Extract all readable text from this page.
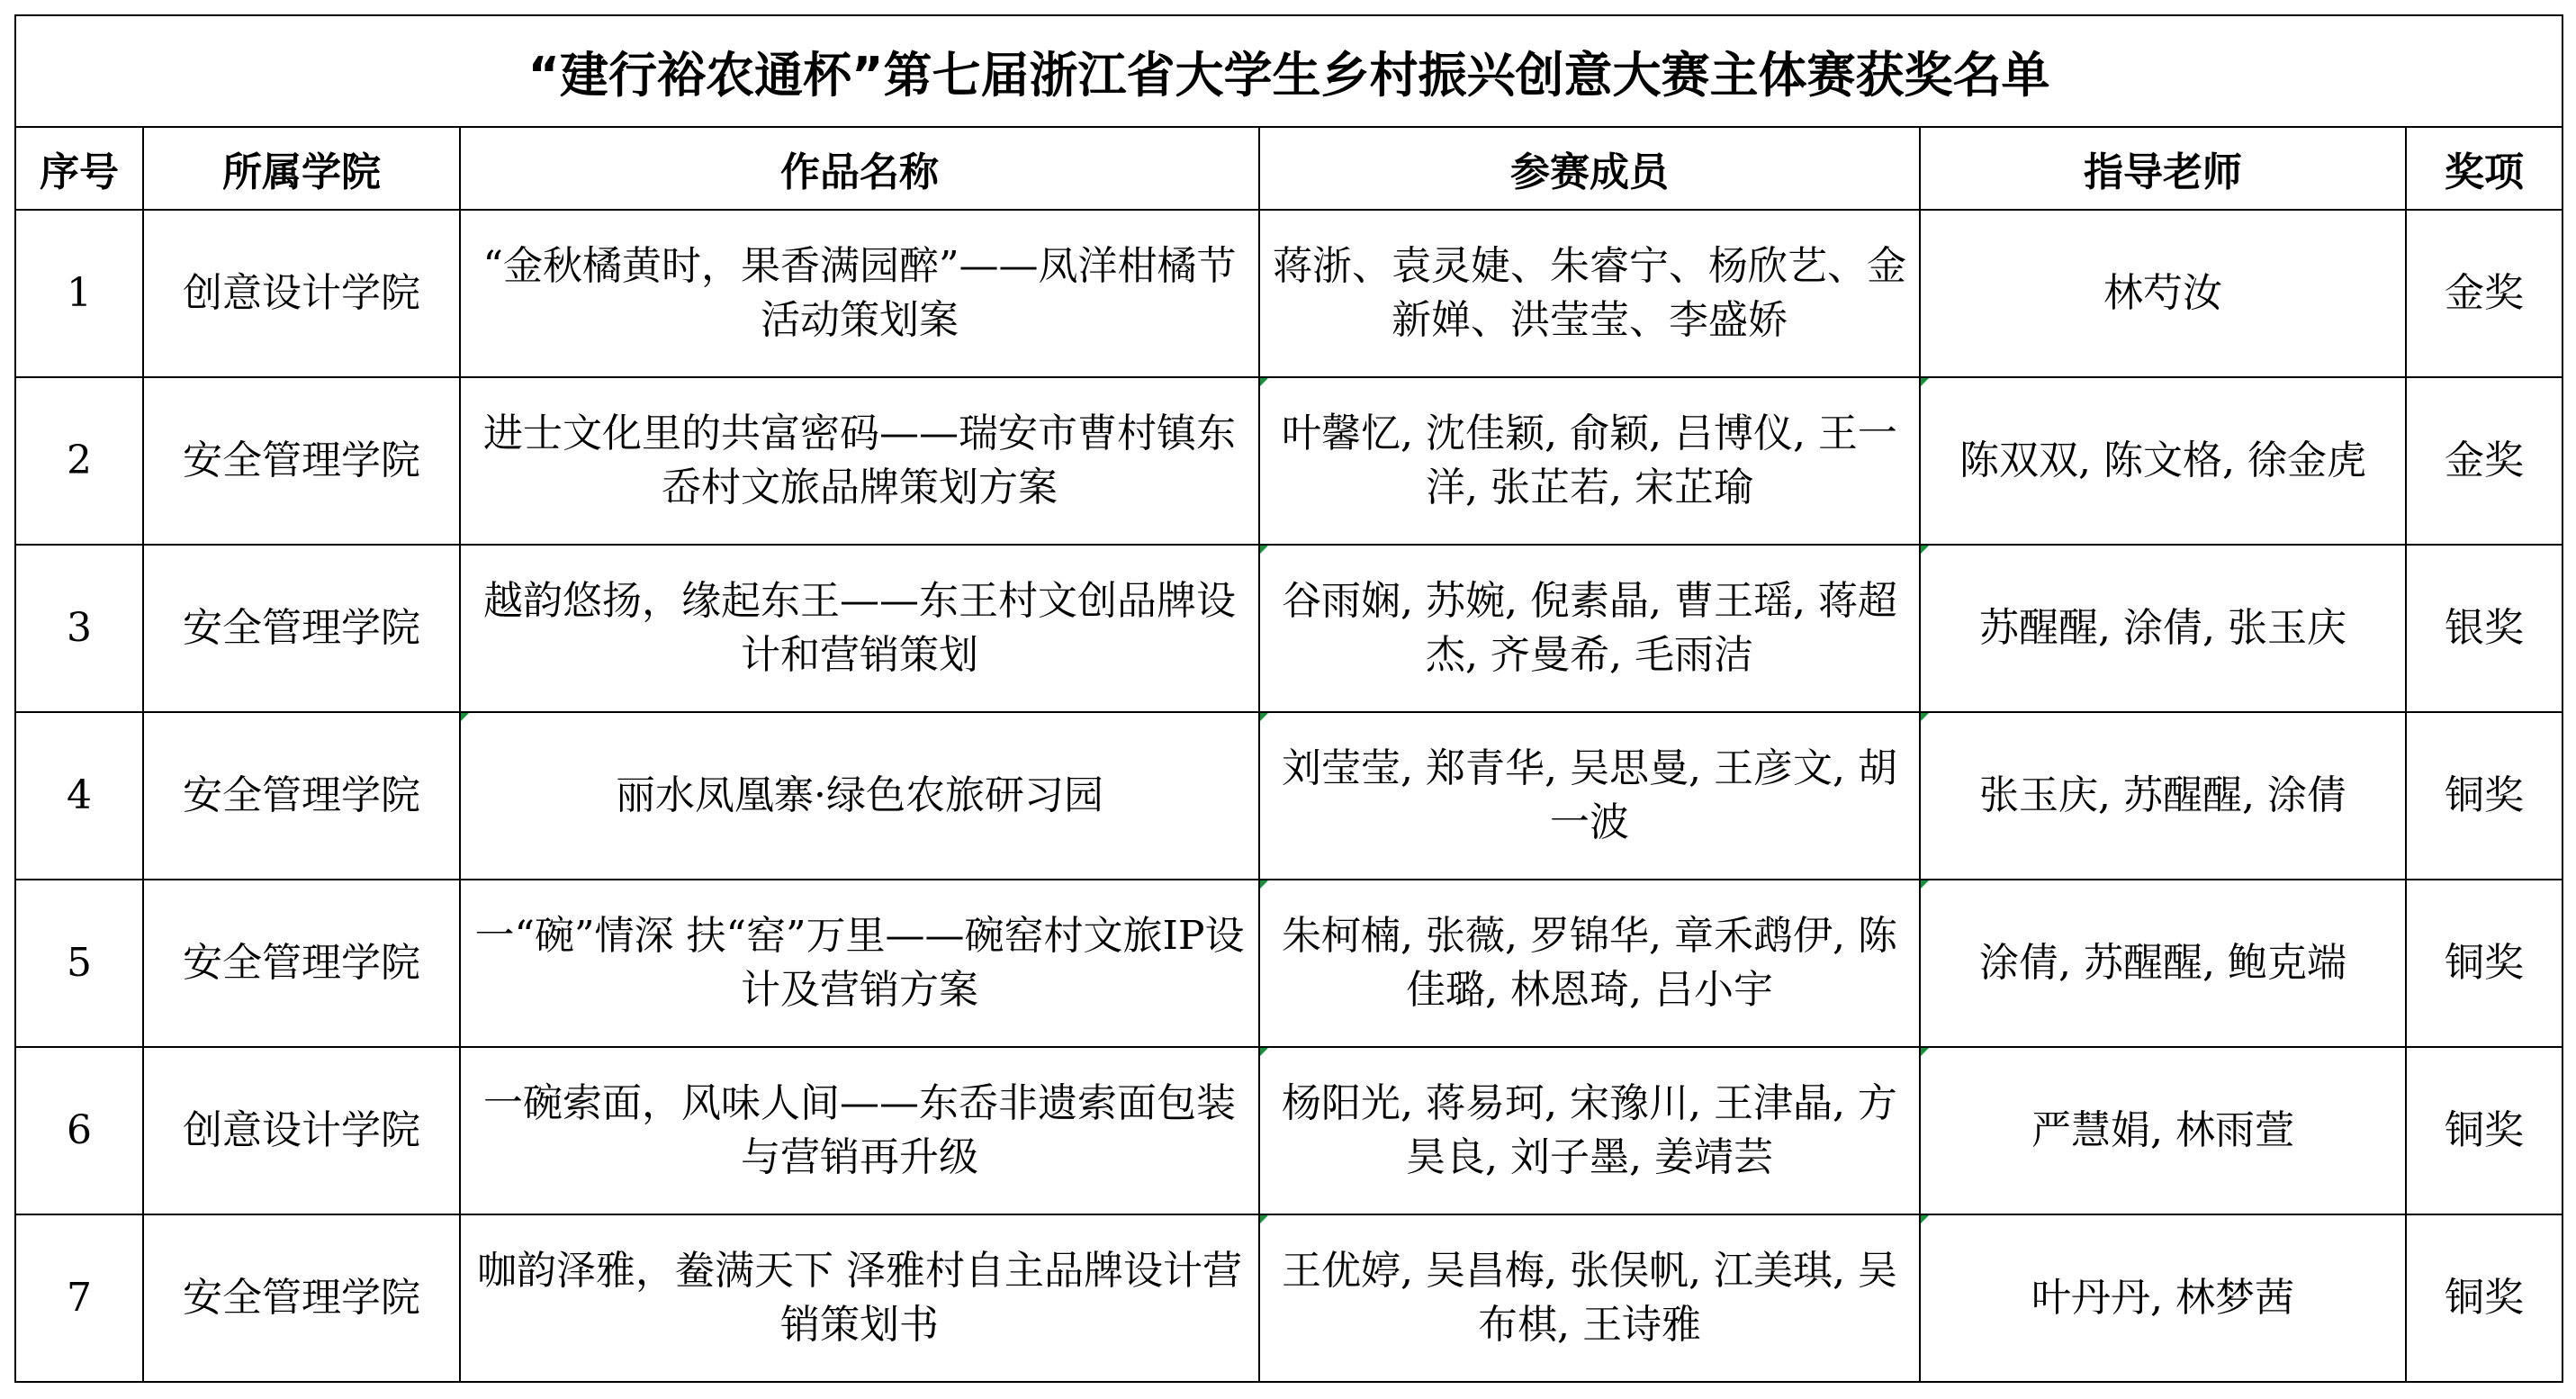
“建行裕农通杯”第七届浙江省大学生乡村振兴创意大赛主体赛获奖名单					
序号	所属学院	作品名称	参赛成员	指导老师	奖项
1	创意设计学院	“金秋橘黄时，果香满园醉”——凤洋柑橘节活动策划案	蒋浙、袁灵婕、朱睿宁、杨欣艺、金新婵、洪莹莹、李盛娇	林芍汝	金奖
2	安全管理学院	进士文化里的共富密码——瑞安市曹村镇东岙村文旅品牌策划方案	叶馨忆, 沈佳颖, 俞颖, 吕博仪, 王一洋, 张芷若, 宋芷瑜	陈双双, 陈文格, 徐金虎	金奖
3	安全管理学院	越韵悠扬，缘起东王——东王村文创品牌设计和营销策划	谷雨娴, 苏婉, 倪素晶, 曹王瑶, 蒋超杰, 齐曼希, 毛雨洁	苏醒醒, 涂倩, 张玉庆	银奖
4	安全管理学院	丽水凤凰寨·绿色农旅研习园	刘莹莹, 郑青华, 吴思曼, 王彦文, 胡一波	张玉庆, 苏醒醒, 涂倩	铜奖
5	安全管理学院	一“碗”情深 扶“窑”万里——碗窑村文旅IP设计及营销方案	朱柯楠, 张薇, 罗锦华, 章禾鹉伊, 陈佳璐, 林恩琦, 吕小宇	涂倩, 苏醒醒, 鲍克端	铜奖
6	创意设计学院	一碗索面，风味人间——东岙非遗索面包装与营销再升级	杨阳光, 蒋易珂, 宋豫川, 王津晶, 方昊良, 刘子墨, 姜靖芸	严慧娟, 林雨萱	铜奖
7	安全管理学院	咖韵泽雅，鲞满天下 泽雅村自主品牌设计营销策划书	王优婷, 吴昌梅, 张俣帆, 江美琪, 吴布棋, 王诗雅	叶丹丹, 林梦茜	铜奖
